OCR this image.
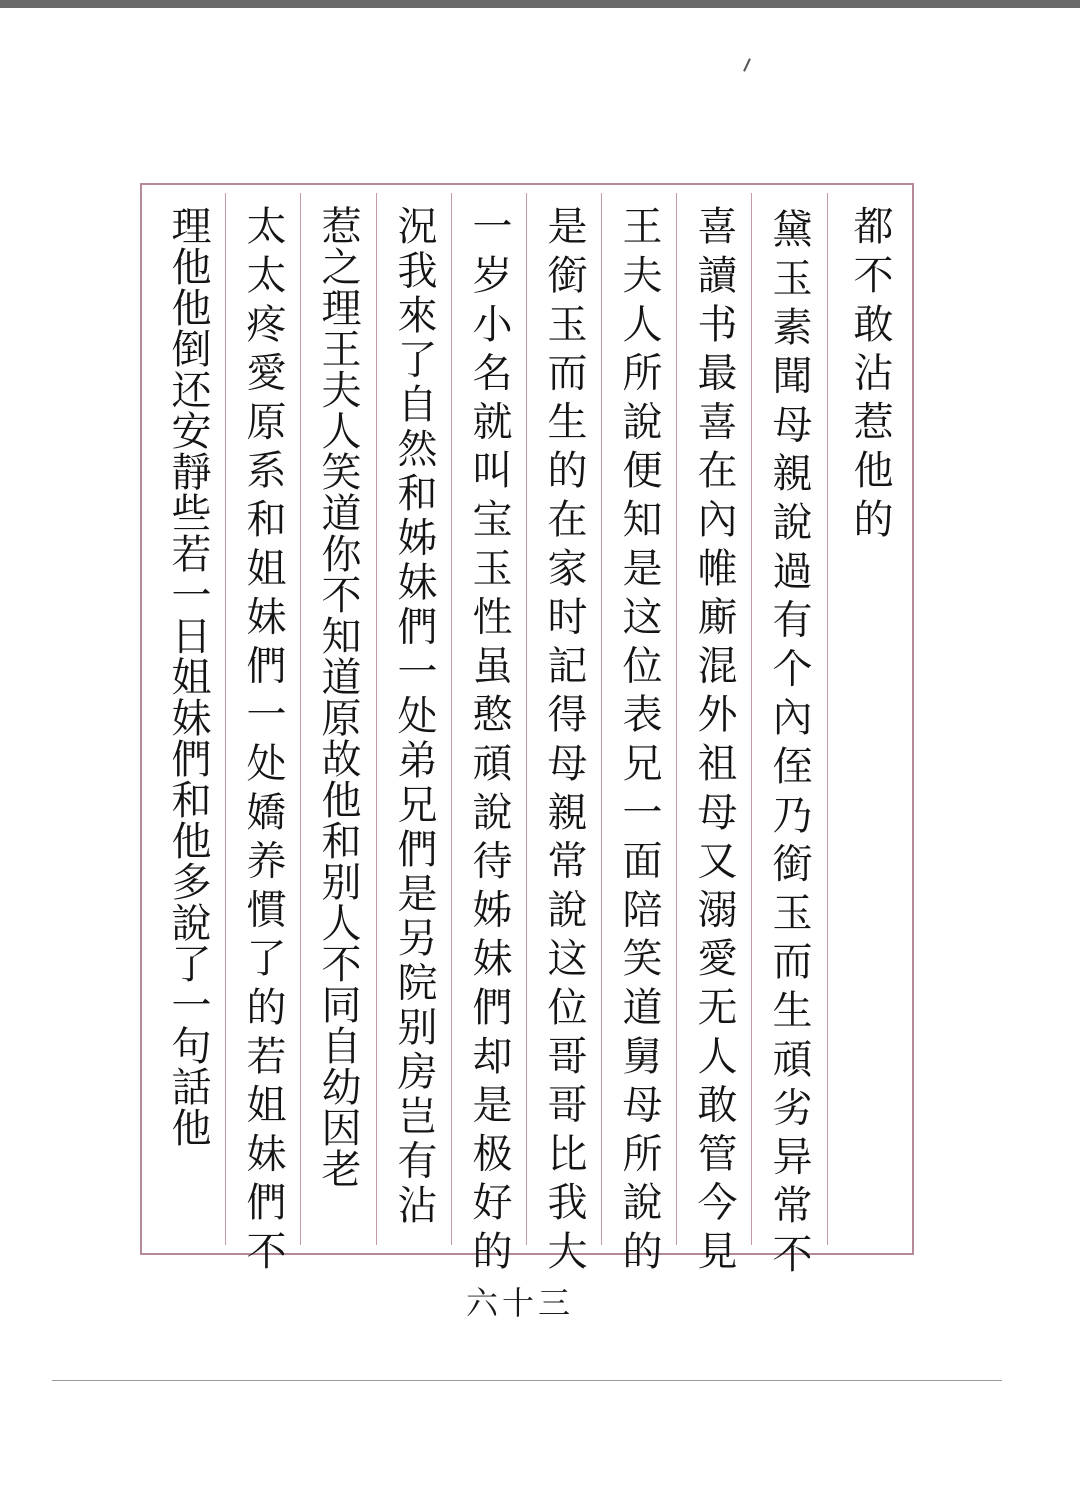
都不敢沾惹他的
黛玉素聞母親說過有个內侄乃銜玉而生頑劣异常不
喜讀书最喜在內帷廝混外祖母又溺愛无人敢管今見
王夫人所說便知是这位表兄一面陪笑道舅母所說的
是銜玉而生的在家时記得母親常說这位哥哥比我大
一岁小名就叫宝玉性虽憨頑說待姊妹們却是极好的
況我來了自然和姊妹們一处弟兄們是另院别房岂有沾
惹之理王夫人笑道你不知道原故他和别人不同自幼因老
太太疼愛原系和姐妹們一处嬌养慣了的若姐妹們不
理他他倒还安靜些若一日姐妹們和他多說了一句話他
六十三
